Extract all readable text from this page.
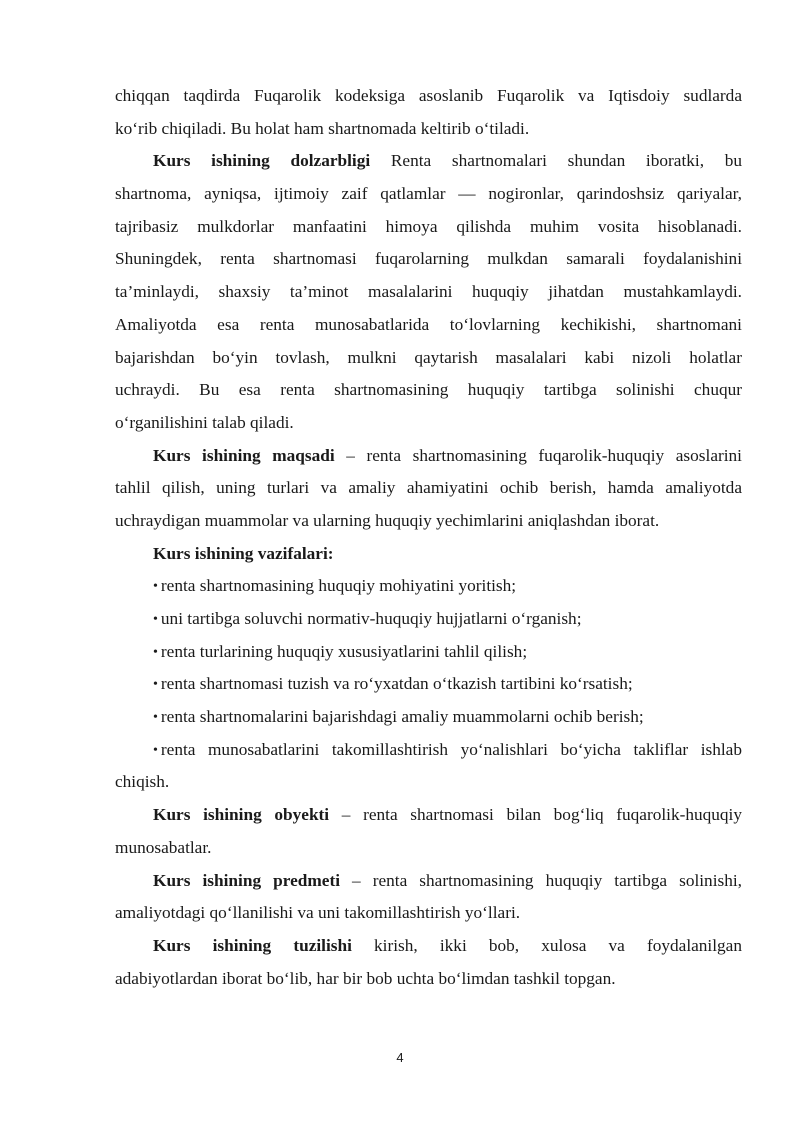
chiqqan taqdirda Fuqarolik kodeksiga asoslanib Fuqarolik va Iqtisdoiy sudlarda
ko‘rib chiqiladi. Bu holat ham shartnomada keltirib o‘tiladi.
Kurs ishining dolzarbligi Renta shartnomalari shundan iboratki, bu
shartnoma, ayniqsa, ijtimoiy zaif qatlamlar — nogironlar, qarindoshsiz qariyalar,
tajribasiz mulkdorlar manfaatini himoya qilishda muhim vosita hisoblanadi.
Shuningdek, renta shartnomasi fuqarolarning mulkdan samarali foydalanishini
ta’minlaydi, shaxsiy ta’minot masalalarini huquqiy jihatdan mustahkamlaydi.
Amaliyotda esa renta munosabatlarida to‘lovlarning kechikishi, shartnomani
bajarishdan bo‘yin tovlash, mulkni qaytarish masalalari kabi nizoli holatlar
uchraydi. Bu esa renta shartnomasining huquqiy tartibga solinishi chuqur
o‘rganilishini talab qiladi.
Kurs ishining maqsadi – renta shartnomasining fuqarolik-huquqiy asoslarini
tahlil qilish, uning turlari va amaliy ahamiyatini ochib berish, hamda amaliyotda
uchraydigan muammolar va ularning huquqiy yechimlarini aniqlashdan iborat.
Kurs ishining vazifalari:
• renta shartnomasining huquqiy mohiyatini yoritish;
• uni tartibga soluvchi normativ-huquqiy hujjatlarni o‘rganish;
• renta turlarining huquqiy xususiyatlarini tahlil qilish;
• renta shartnomasi tuzish va ro‘yxatdan o‘tkazish tartibini ko‘rsatish;
• renta shartnomalarini bajarishdagi amaliy muammolarni ochib berish;
• renta munosabatlarini takomillashtirish yo‘nalishlari bo‘yicha takliflar ishlab
chiqish.
Kurs ishining obyekti – renta shartnomasi bilan bog‘liq fuqarolik-huquqiy
munosabatlar.
Kurs ishining predmeti – renta shartnomasining huquqiy tartibga solinishi,
amaliyotdagi qo‘llanilishi va uni takomillashtirish yo‘llari.
Kurs ishining tuzilishi kirish, ikki bob, xulosa va foydalanilgan
adabiyotlardan iborat bo‘lib, har bir bob uchta bo‘limdan tashkil topgan.
4
